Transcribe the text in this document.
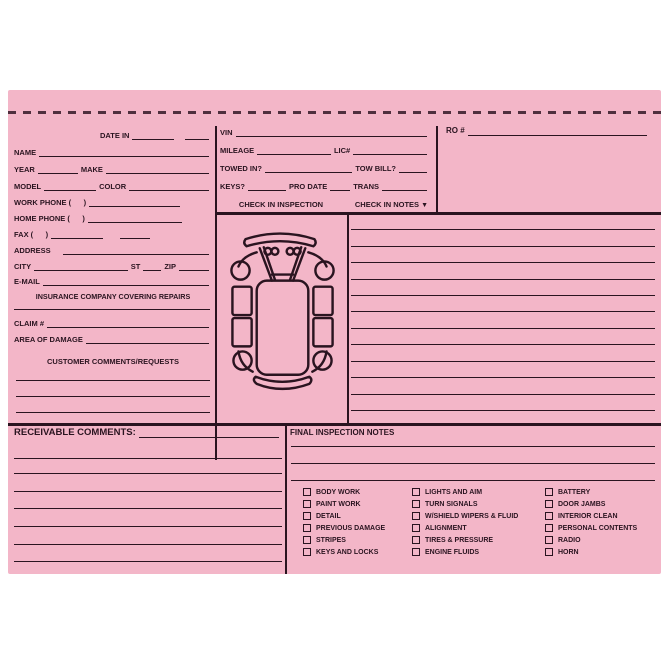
DATE IN
NAME
YEAR	MAKE
MODEL	COLOR
WORK PHONE (      )
HOME PHONE (      )
FAX (      )
ADDRESS
CITY	ST	ZIP
E-MAIL
INSURANCE COMPANY COVERING REPAIRS
CLAIM #
AREA OF DAMAGE
CUSTOMER COMMENTS/REQUESTS
VIN
MILEAGE	LIC#
TOWED IN?	TOW BILL?
KEYS?	PRO DATE	TRANS
CHECK IN INSPECTION	CHECK IN NOTES ▼
RO #
RECEIVABLE COMMENTS:	FINAL INSPECTION NOTES
BODY WORK
PAINT WORK
DETAIL
PREVIOUS DAMAGE
STRIPES
KEYS AND LOCKS
LIGHTS AND AIM
TURN SIGNALS
W/SHIELD WIPERS & FLUID
ALIGNMENT
TIRES & PRESSURE
ENGINE FLUIDS
BATTERY
DOOR JAMBS
INTERIOR CLEAN
PERSONAL CONTENTS
RADIO
HORN
